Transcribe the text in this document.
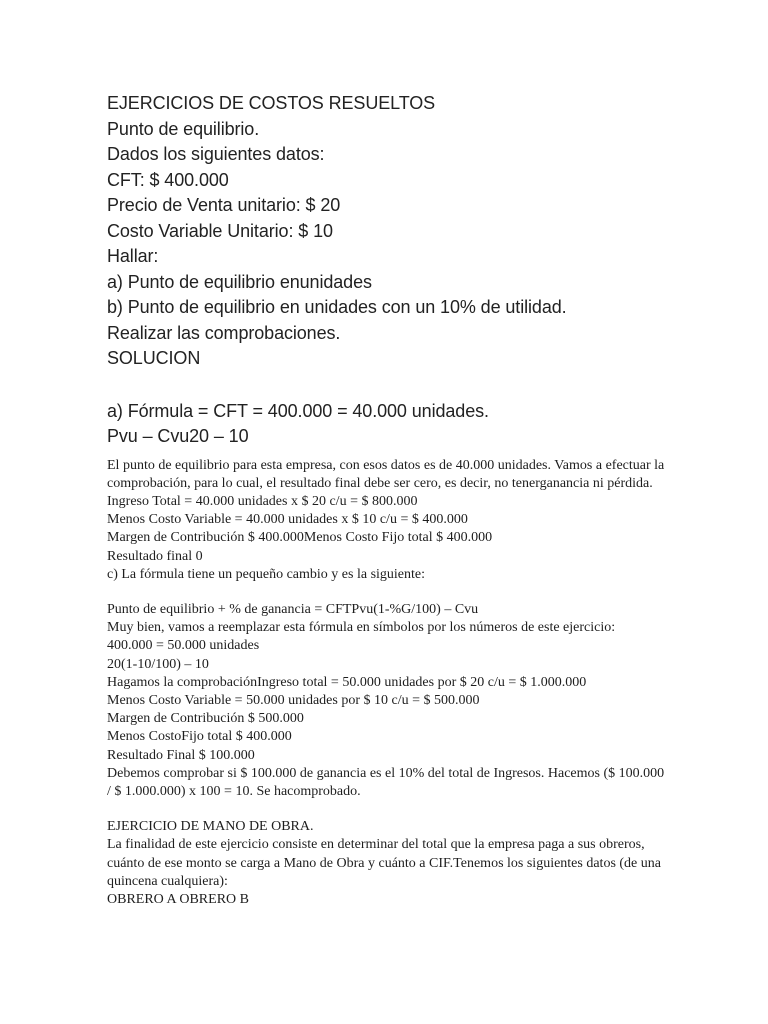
EJERCICIOS DE COSTOS RESUELTOS
Punto de equilibrio.
Dados los siguientes datos:
CFT: $ 400.000
Precio de Venta unitario: $ 20
Costo Variable Unitario: $ 10
Hallar:
a) Punto de equilibrio enunidades
b) Punto de equilibrio en unidades con un 10% de utilidad.
Realizar las comprobaciones.
SOLUCION
a) Fórmula = CFT = 400.000 = 40.000 unidades.
Pvu – Cvu20 – 10
El punto de equilibrio para esta empresa, con esos datos es de 40.000 unidades. Vamos a efectuar la comprobación, para lo cual, el resultado final debe ser cero, es decir, no tenerganancia ni pérdida.
Ingreso Total = 40.000 unidades x $ 20 c/u = $ 800.000
Menos Costo Variable = 40.000 unidades x $ 10 c/u = $ 400.000
Margen de Contribución $ 400.000Menos Costo Fijo total $ 400.000
Resultado final 0
c) La fórmula tiene un pequeño cambio y es la siguiente:
Punto de equilibrio + % de ganancia = CFTPvu(1-%G/100) – Cvu
Muy bien, vamos a reemplazar esta fórmula en símbolos por los números de este ejercicio:
400.000 = 50.000 unidades
20(1-10/100) – 10
Hagamos la comprobaciónIngreso total = 50.000 unidades por $ 20 c/u = $ 1.000.000
Menos Costo Variable = 50.000 unidades por $ 10 c/u = $ 500.000
Margen de Contribución $ 500.000
Menos CostoFijo total $ 400.000
Resultado Final $ 100.000
Debemos comprobar si $ 100.000 de ganancia es el 10% del total de Ingresos. Hacemos ($ 100.000 / $ 1.000.000) x 100 = 10. Se hacomprobado.
EJERCICIO DE MANO DE OBRA.
La finalidad de este ejercicio consiste en determinar del total que la empresa paga a sus obreros, cuánto de ese monto se carga a Mano de Obra y cuánto a CIF.Tenemos los siguientes datos (de una quincena cualquiera):
OBRERO A OBRERO B
